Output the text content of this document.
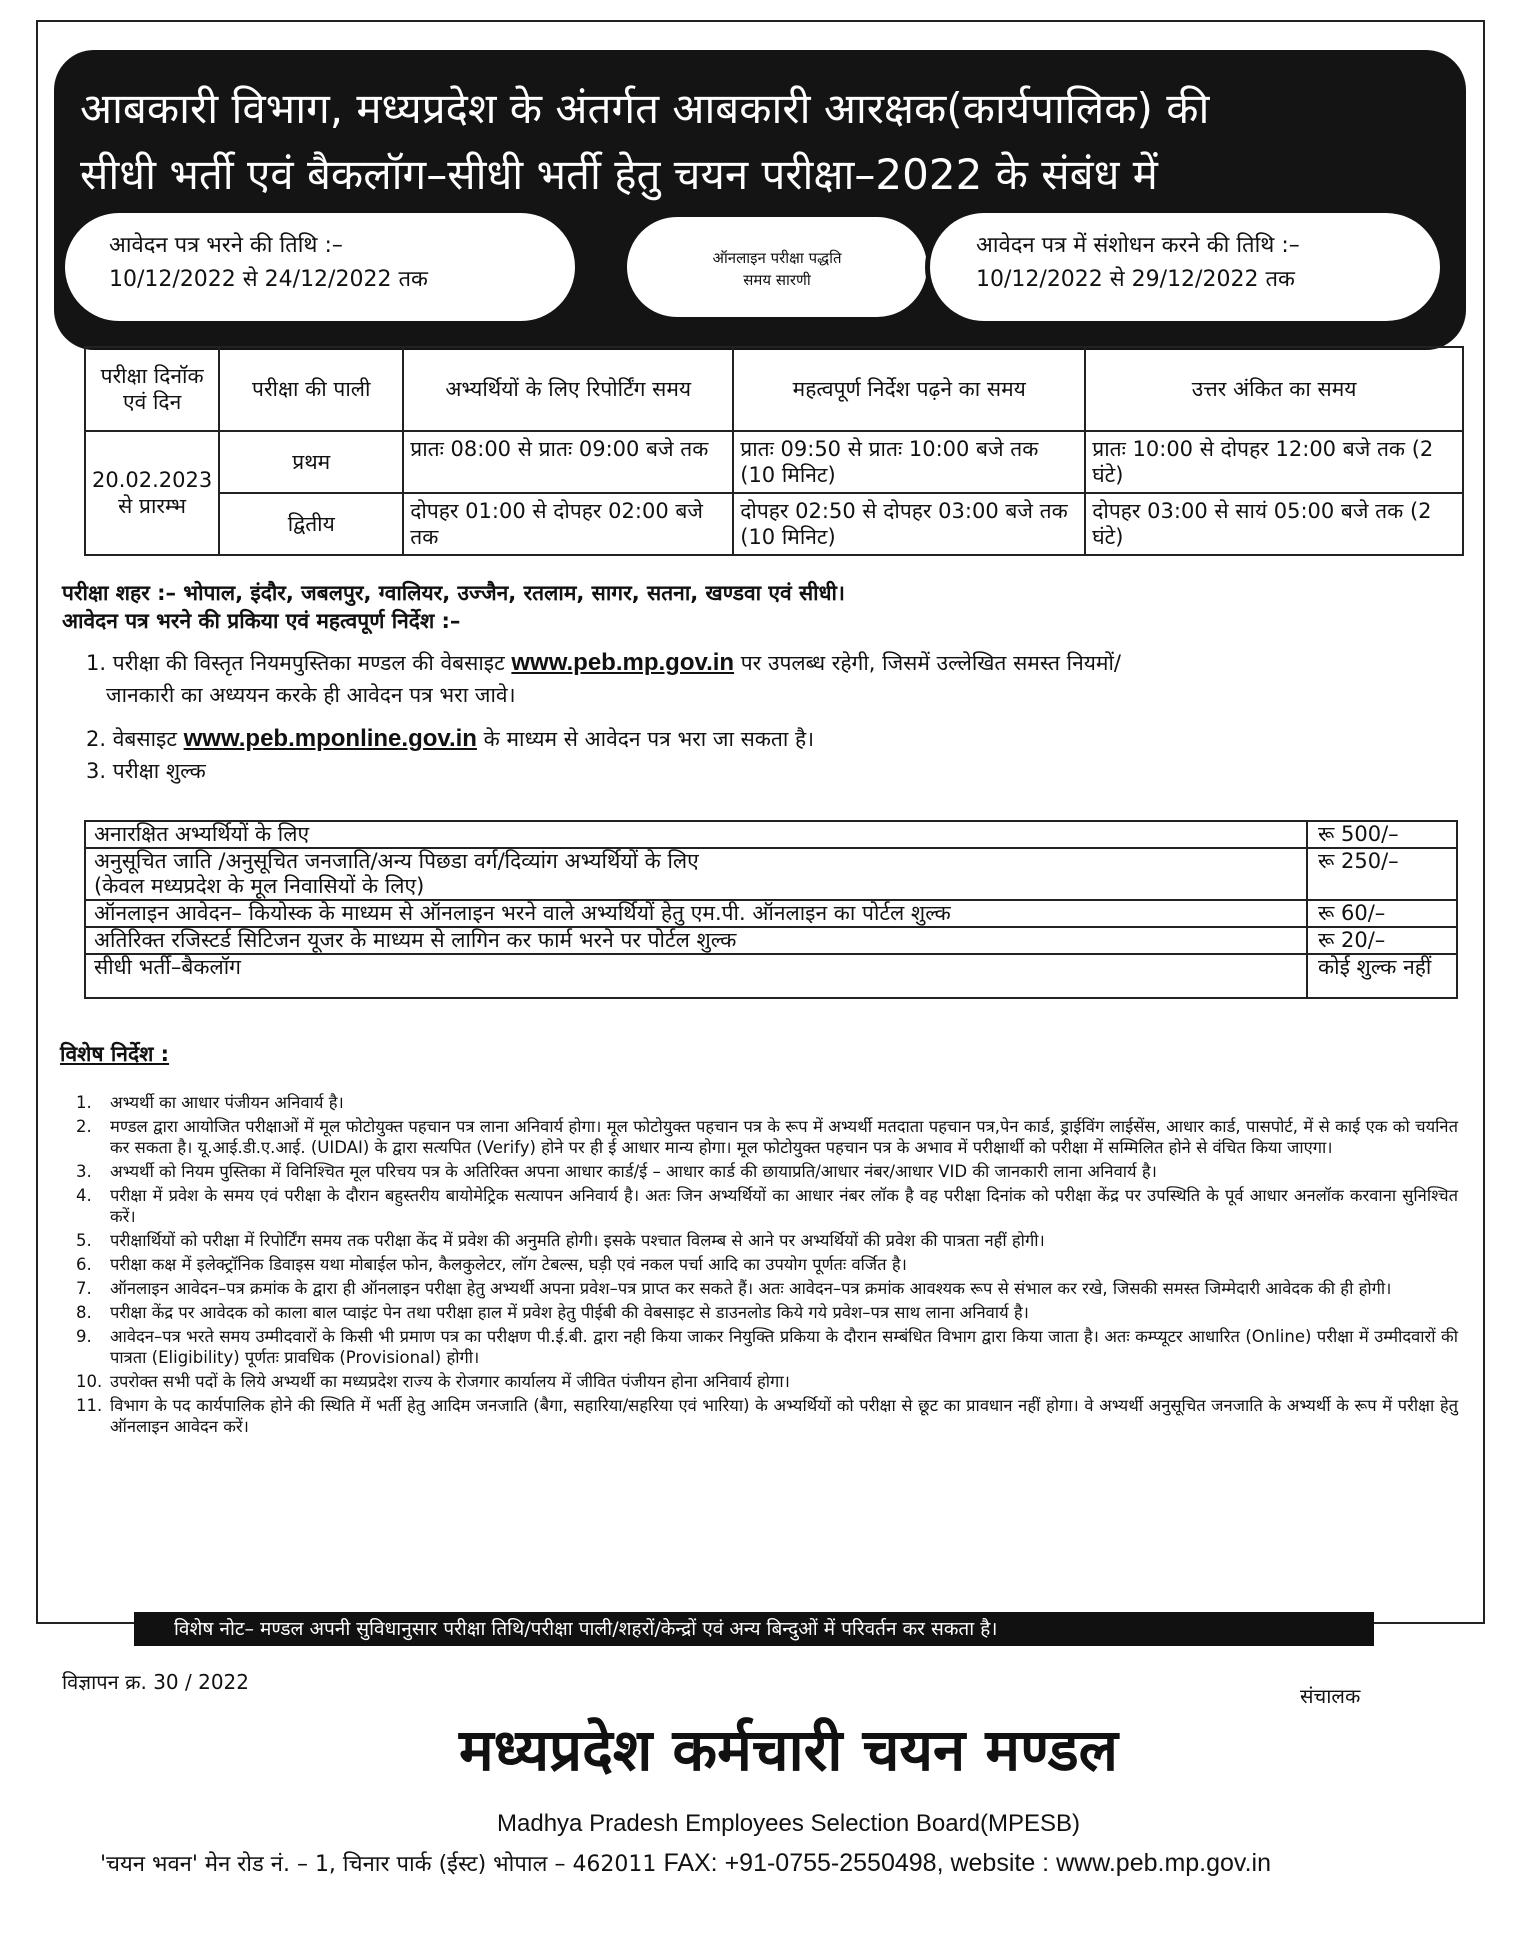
आबकारी विभाग, मध्यप्रदेश के अंतर्गत आबकारी आरक्षक(कार्यपालिक) की
सीधी भर्ती एवं बैकलॉग–सीधी भर्ती हेतु चयन परीक्षा–2022 के संबंध में
आवेदन पत्र भरने की तिथि :–
10/12/2022 से 24/12/2022 तक
ऑनलाइन परीक्षा पद्धति
समय सारणी
आवेदन पत्र में संशोधन करने की तिथि :–
10/12/2022 से 29/12/2022 तक
परीक्षा दिनॉक एवं दिन	परीक्षा की पाली	अभ्यर्थियों के लिए रिपोर्टिंग समय	महत्वपूर्ण निर्देश पढ़ने का समय	उत्तर अंकित का समय
20.02.2023 से प्रारम्भ	प्रथम	प्रातः 08:00 से प्रातः 09:00 बजे तक	प्रातः 09:50 से प्रातः 10:00 बजे तक (10 मिनिट)	प्रातः 10:00 से दोपहर 12:00 बजे तक (2 घंटे)
	द्वितीय	दोपहर 01:00 से दोपहर 02:00 बजे तक	दोपहर 02:50 से दोपहर 03:00 बजे तक (10 मिनिट)	दोपहर 03:00 से सायं 05:00 बजे तक (2 घंटे)
परीक्षा शहर :– भोपाल, इंदौर, जबलपुर, ग्वालियर, उज्जैन, रतलाम, सागर, सतना, खण्डवा एवं सीधी।
आवेदन पत्र भरने की प्रकिया एवं महत्वपूर्ण निर्देश :–
1. परीक्षा की विस्तृत नियमपुस्तिका मण्डल की वेबसाइट www.peb.mp.gov.in पर उपलब्ध रहेगी, जिसमें उल्लेखित समस्त नियमों/
जानकारी का अध्ययन करके ही आवेदन पत्र भरा जावे।
2. वेबसाइट www.peb.mponline.gov.in के माध्यम से आवेदन पत्र भरा जा सकता है।
3. परीक्षा शुल्क
अनारक्षित अभ्यर्थियों के लिए	रू 500/–

अनुसूचित जाति /अनुसूचित जनजाति/अन्य पिछडा वर्ग/दिव्यांग अभ्यर्थियों के लिए
(केवल मध्यप्रदेश के मूल निवासियों के लिए)	रू 250/–
ऑनलाइन आवेदन– कियोस्क के माध्यम से ऑनलाइन भरने वाले अभ्यर्थियों हेतु एम.पी. ऑनलाइन का पोर्टल शुल्क	रू 60/–
अतिरिक्त रजिस्टर्ड सिटिजन यूजर के माध्यम से लागिन कर फार्म भरने पर पोर्टल शुल्क	रू 20/–
सीधी भर्ती–बैकलॉग	कोई शुल्क नहीं
विशेष निर्देश :
1.	अभ्यर्थी का आधार पंजीयन अनिवार्य है।
2.	मण्डल द्वारा आयोजित परीक्षाओं में मूल फोटोयुक्त पहचान पत्र लाना अनिवार्य होगा। मूल फोटोयुक्त पहचान पत्र के रूप में अभ्यर्थी मतदाता पहचान पत्र,पेन कार्ड, ड्राईविंग लाईसेंस, आधार कार्ड, पासपोर्ट, में से काई एक को चयनित कर सकता है। यू.आई.डी.ए.आई. (UIDAI) के द्वारा सत्यपित (Verify) होने पर ही ई आधार मान्य होगा। मूल फोटोयुक्त पहचान पत्र के अभाव में परीक्षार्थी को परीक्षा में सम्मिलित होने से वंचित किया जाएगा।
3.	अभ्यर्थी को नियम पुस्तिका में विनिश्चित मूल परिचय पत्र के अतिरिक्त अपना आधार कार्ड/ई – आधार कार्ड की छायाप्रति/आधार नंबर/आधार VID की जानकारी लाना अनिवार्य है।
4.	परीक्षा में प्रवेश के समय एवं परीक्षा के दौरान बहुस्तरीय बायोमेट्रिक सत्यापन अनिवार्य है। अतः जिन अभ्यर्थियों का आधार नंबर लॉक है वह परीक्षा दिनांक को परीक्षा केंद्र पर उपस्थिति के पूर्व आधार अनलॉक करवाना सुनिश्चित करें।
5.	परीक्षार्थियों को परीक्षा में रिपोर्टिंग समय तक परीक्षा केंद में प्रवेश की अनुमति होगी। इसके पश्चात विलम्ब से आने पर अभ्यर्थियों की प्रवेश की पात्रता नहीं होगी।
6.	परीक्षा कक्ष में इलेक्ट्रॉनिक डिवाइस यथा मोबाईल फोन, कैलकुलेटर, लॉग टेबल्स, घड़ी एवं नकल पर्चा आदि का उपयोग पूर्णतः वर्जित है।
7.	ऑनलाइन आवेदन–पत्र क्रमांक के द्वारा ही ऑनलाइन परीक्षा हेतु अभ्यर्थी अपना प्रवेश–पत्र प्राप्त कर सकते हैं। अतः आवेदन–पत्र क्रमांक आवश्यक रूप से संभाल कर रखे, जिसकी समस्त जिम्मेदारी आवेदक की ही होगी।
8.	परीक्षा केंद्र पर आवेदक को काला बाल प्वाइंट पेन तथा परीक्षा हाल में प्रवेश हेतु पीईबी की वेबसाइट से डाउनलोड किये गये प्रवेश–पत्र साथ लाना अनिवार्य है।
9.	आवेदन–पत्र भरते समय उम्मीदवारों के किसी भी प्रमाण पत्र का परीक्षण पी.ई.बी. द्वारा नही किया जाकर नियुक्ति प्रकिया के दौरान सम्बंधित विभाग द्वारा किया जाता है। अतः कम्प्यूटर आधारित (Online) परीक्षा में उम्मीदवारों की पात्रता (Eligibility) पूर्णतः प्रावधिक (Provisional) होगी।
10. उपरोक्त सभी पदों के लिये अभ्यर्थी का मध्यप्रदेश राज्य के रोजगार कार्यालय में जीवित पंजीयन होना अनिवार्य होगा।
11. विभाग के पद कार्यपालिक होने की स्थिति में भर्ती हेतु आदिम जनजाति (बैगा, सहारिया/सहरिया एवं भारिया) के अभ्यर्थियों को परीक्षा से छूट का प्रावधान नहीं होगा। वे अभ्यर्थी अनुसूचित जनजाति के अभ्यर्थी के रूप में परीक्षा हेतु ऑनलाइन आवेदन करें।
विशेष नोट– मण्डल अपनी सुविधानुसार परीक्षा तिथि/परीक्षा पाली/शहरों/केन्द्रों एवं अन्य बिन्दुओं में परिवर्तन कर सकता है।
विज्ञापन क्र. 30 / 2022
संचालक
मध्यप्रदेश कर्मचारी चयन मण्डल
Madhya Pradesh Employees Selection Board(MPESB)
'चयन भवन' मेन रोड नं. – 1, चिनार पार्क (ईस्ट) भोपाल – 462011 FAX: +91-0755-2550498, website : www.peb.mp.gov.in
